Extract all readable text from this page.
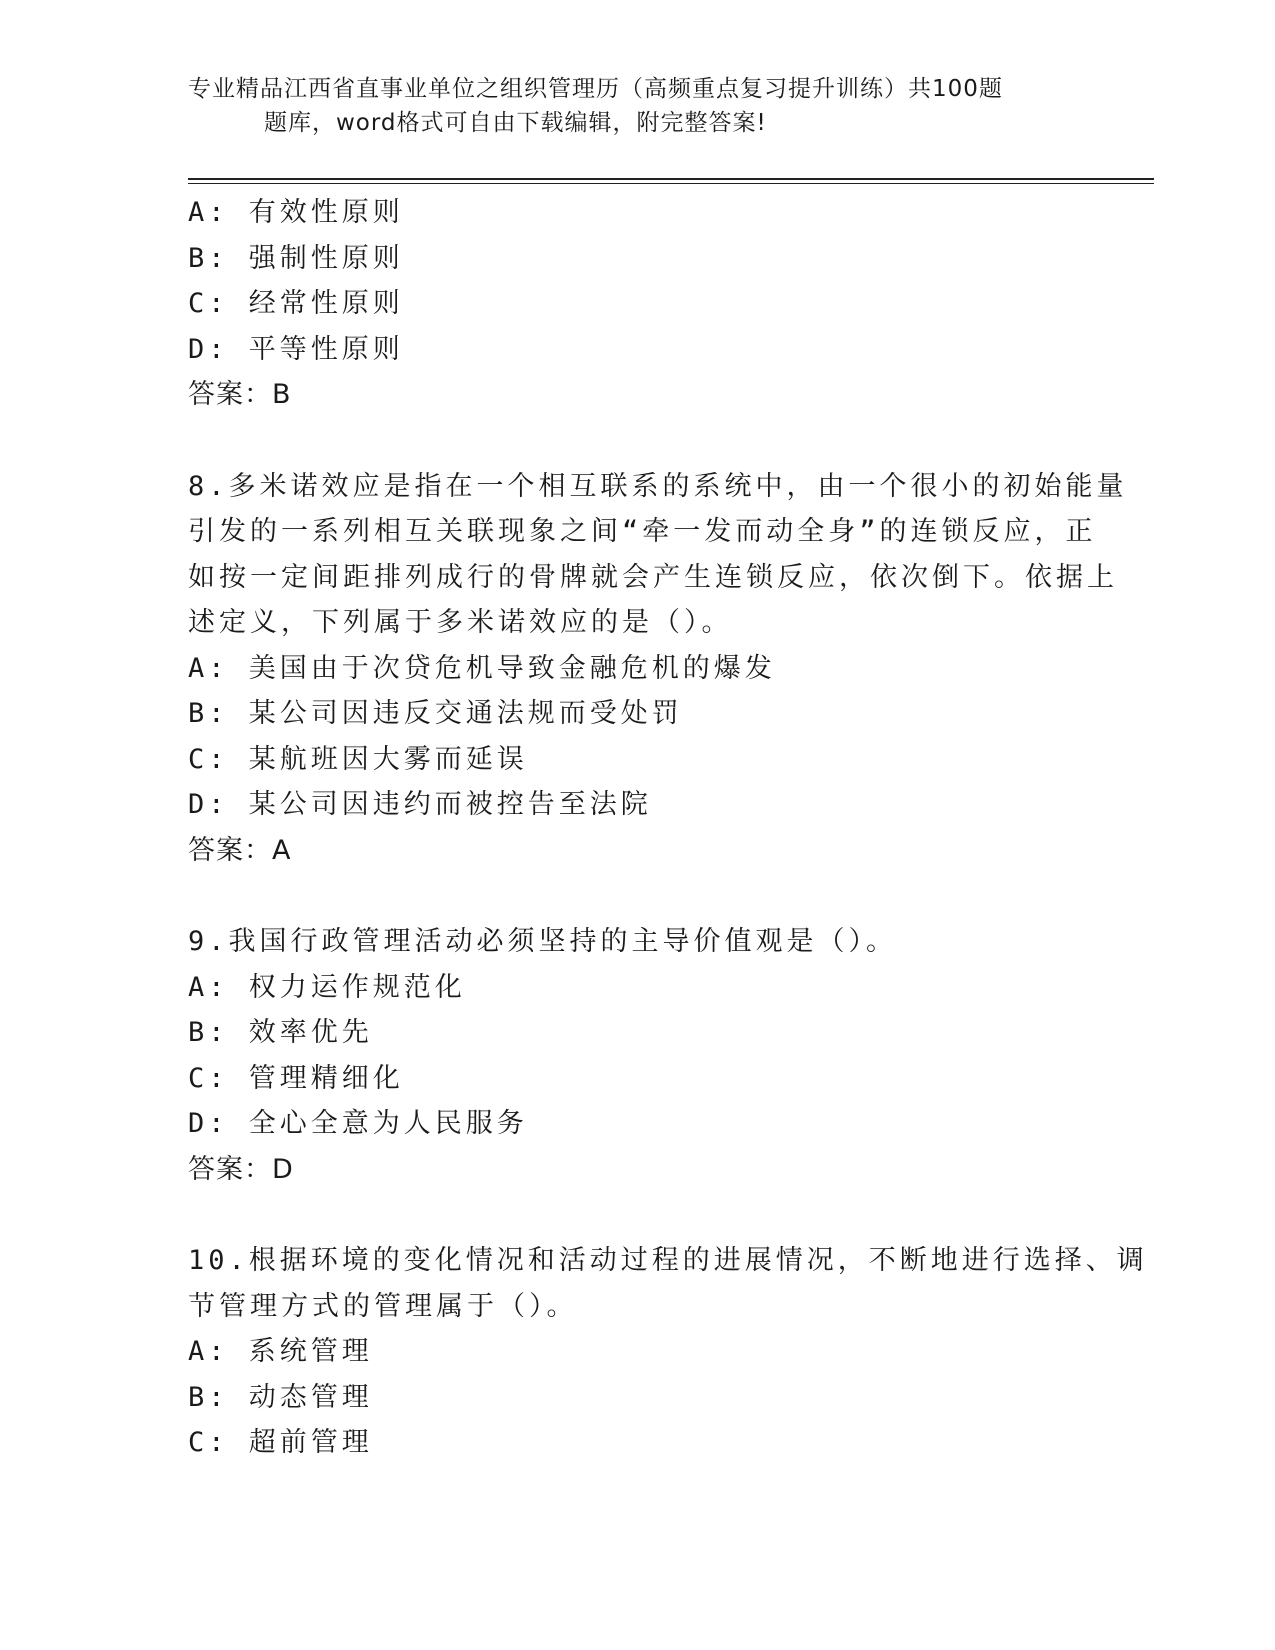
专业精品江西省直事业单位之组织管理历（高频重点复习提升训练）共100题
题库，word格式可自由下载编辑，附完整答案!
A: 有效性原则
B: 强制性原则
C: 经常性原则
D: 平等性原则
答案：B
8.多米诺效应是指在一个相互联系的系统中，由一个很小的初始能量
引发的一系列相互关联现象之间“牵一发而动全身”的连锁反应，正
如按一定间距排列成行的骨牌就会产生连锁反应，依次倒下。依据上
述定义，下列属于多米诺效应的是（）。
A: 美国由于次贷危机导致金融危机的爆发
B: 某公司因违反交通法规而受处罚
C: 某航班因大雾而延误
D: 某公司因违约而被控告至法院
答案：A
9.我国行政管理活动必须坚持的主导价值观是（）。
A: 权力运作规范化
B: 效率优先
C: 管理精细化
D: 全心全意为人民服务
答案：D
10.根据环境的变化情况和活动过程的进展情况，不断地进行选择、调
节管理方式的管理属于（）。
A: 系统管理
B: 动态管理
C: 超前管理
